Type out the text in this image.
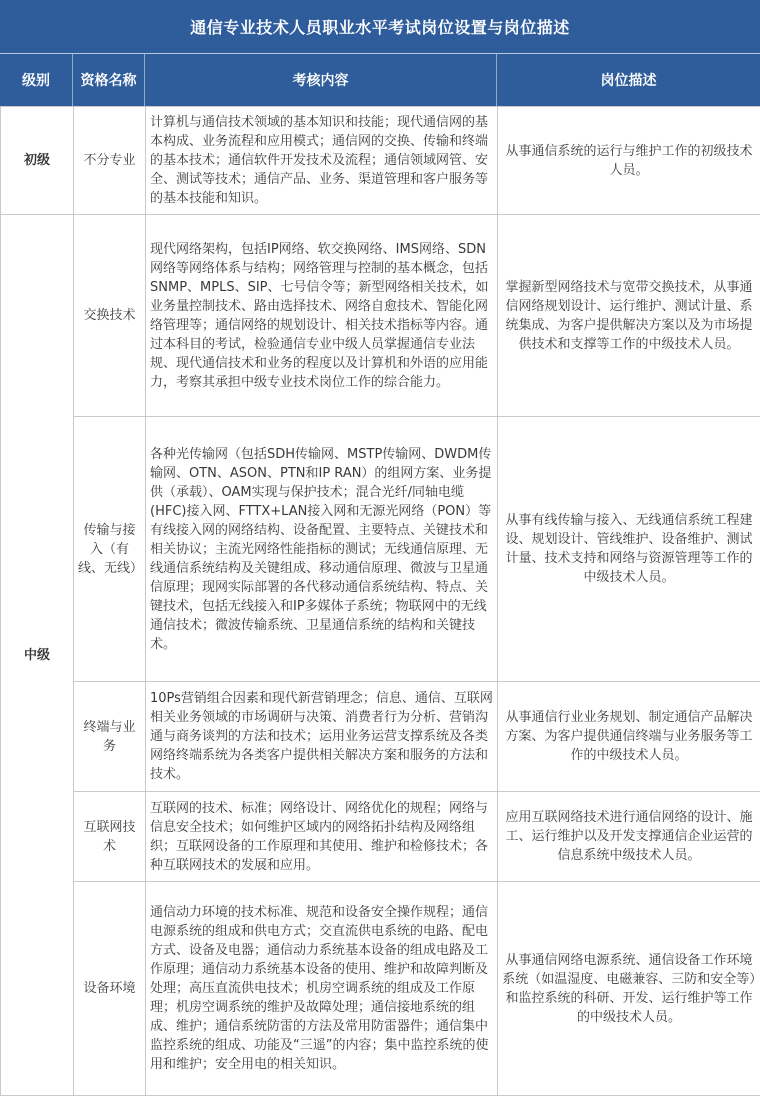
通信专业技术人员职业水平考试岗位设置与岗位描述
级别	资格名称	考核内容	岗位描述
初级	不分专业	计算机与通信技术领域的基本知识和技能；现代通信网的基本构成、业务流程和应用模式；通信网的交换、传输和终端的基本技术；通信软件开发技术及流程；通信领域网管、安全、测试等技术；通信产品、业务、渠道管理和客户服务等的基本技能和知识。	从事通信系统的运行与维护工作的初级技术人员。
中级	交换技术	现代网络架构，包括IP网络、软交换网络、IMS网络、SDN网络等网络体系与结构；网络管理与控制的基本概念，包括SNMP、MPLS、SIP、七号信令等；新型网络相关技术，如业务量控制技术、路由选择技术、网络自愈技术、智能化网络管理等；通信网络的规划设计、相关技术指标等内容。通过本科目的考试，检验通信专业中级人员掌握通信专业法规、现代通信技术和业务的程度以及计算机和外语的应用能力，考察其承担中级专业技术岗位工作的综合能力。	掌握新型网络技术与宽带交换技术，从事通信网络规划设计、运行维护、测试计量、系统集成、为客户提供解决方案以及为市场提供技术和支撑等工作的中级技术人员。
	传输与接入（有线、无线）	各种光传输网（包括SDH传输网、MSTP传输网、DWDM传输网、OTN、ASON、PTN和IP RAN）的组网方案、业务提供（承载）、OAM实现与保护技术；混合光纤/同轴电缆(HFC)接入网、FTTX+LAN接入网和无源光网络（PON）等有线接入网的网络结构、设备配置、主要特点、关键技术和相关协议；主流光网络性能指标的测试；无线通信原理、无线通信系统结构及关键组成、移动通信原理、微波与卫星通信原理；现网实际部署的各代移动通信系统结构、特点、关键技术，包括无线接入和IP多媒体子系统；物联网中的无线通信技术；微波传输系统、卫星通信系统的结构和关键技术。	从事有线传输与接入、无线通信系统工程建设、规划设计、管线维护、设备维护、测试计量、技术支持和网络与资源管理等工作的中级技术人员。
	终端与业务	10Ps营销组合因素和现代新营销理念；信息、通信、互联网相关业务领域的市场调研与决策、消费者行为分析、营销沟通与商务谈判的方法和技术；运用业务运营支撑系统及各类网络终端系统为各类客户提供相关解决方案和服务的方法和技术。	从事通信行业业务规划、制定通信产品解决方案、为客户提供通信终端与业务服务等工作的中级技术人员。
	互联网技术	互联网的技术、标准；网络设计、网络优化的规程；网络与信息安全技术；如何维护区域内的网络拓扑结构及网络组织；互联网设备的工作原理和其使用、维护和检修技术；各种互联网技术的发展和应用。	应用互联网络技术进行通信网络的设计、施工、运行维护以及开发支撑通信企业运营的信息系统中级技术人员。
	设备环境	通信动力环境的技术标准、规范和设备安全操作规程；通信电源系统的组成和供电方式；交直流供电系统的电路、配电方式、设备及电器；通信动力系统基本设备的组成电路及工作原理；通信动力系统基本设备的使用、维护和故障判断及处理；高压直流供电技术；机房空调系统的组成及工作原理；机房空调系统的维护及故障处理；通信接地系统的组成、维护；通信系统防雷的方法及常用防雷器件；通信集中监控系统的组成、功能及“三遥”的内容；集中监控系统的使用和维护；安全用电的相关知识。	从事通信网络电源系统、通信设备工作环境系统（如温湿度、电磁兼容、三防和安全等）和监控系统的科研、开发、运行维护等工作的中级技术人员。
